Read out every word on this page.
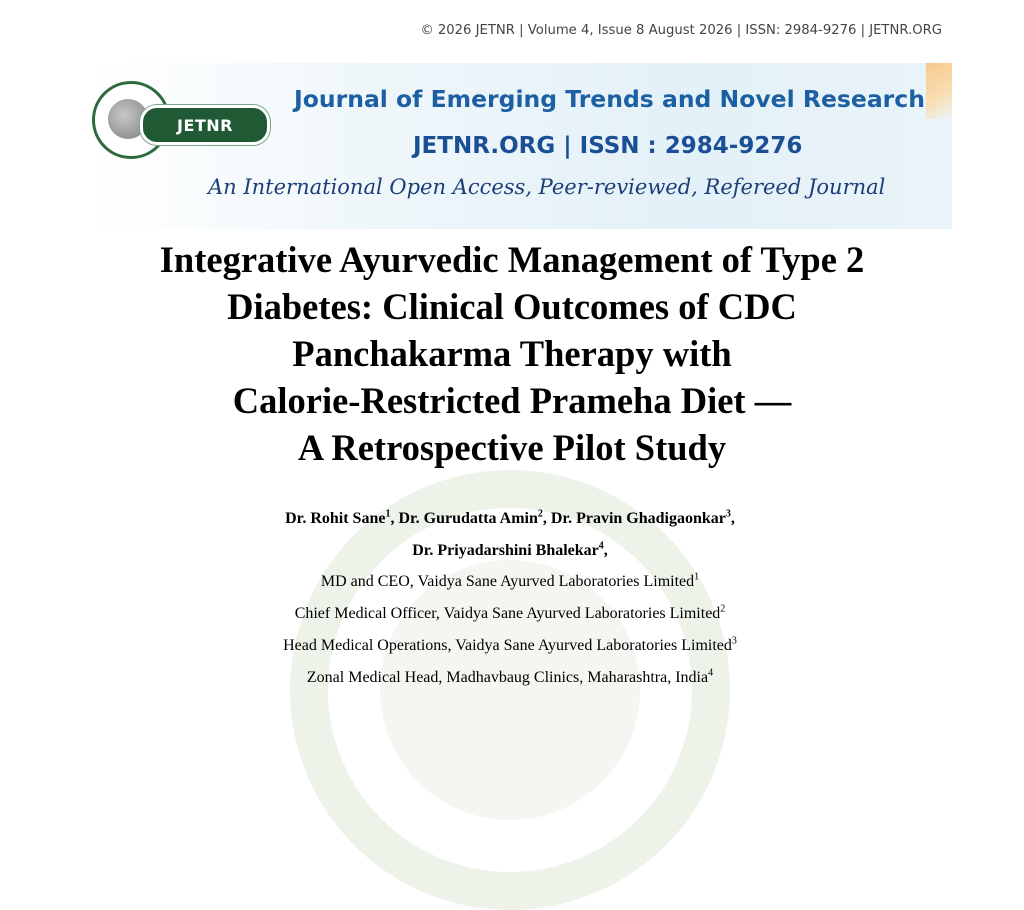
© 2026 JETNR | Volume 4, Issue 8 August 2026 | ISSN: 2984-9276 | JETNR.ORG
JETNR
Journal of Emerging Trends and Novel Research
JETNR.ORG | ISSN : 2984-9276
An International Open Access, Peer-reviewed, Refereed Journal
Integrative Ayurvedic Management of Type 2
Diabetes: Clinical Outcomes of CDC
Panchakarma Therapy with
Calorie-Restricted Prameha Diet —
A Retrospective Pilot Study
Dr. Rohit Sane$^1$, Dr. Gurudatta Amin$^2$, Dr. Pravin Ghadigaonkar$^3$,
Dr. Priyadarshini Bhalekar$^4$,
MD and CEO, Vaidya Sane Ayurved Laboratories Limited$^1$
Chief Medical Officer, Vaidya Sane Ayurved Laboratories Limited$^2$
Head Medical Operations, Vaidya Sane Ayurved Laboratories Limited$^3$
Zonal Medical Head, Madhavbaug Clinics, Maharashtra, India$^4$
